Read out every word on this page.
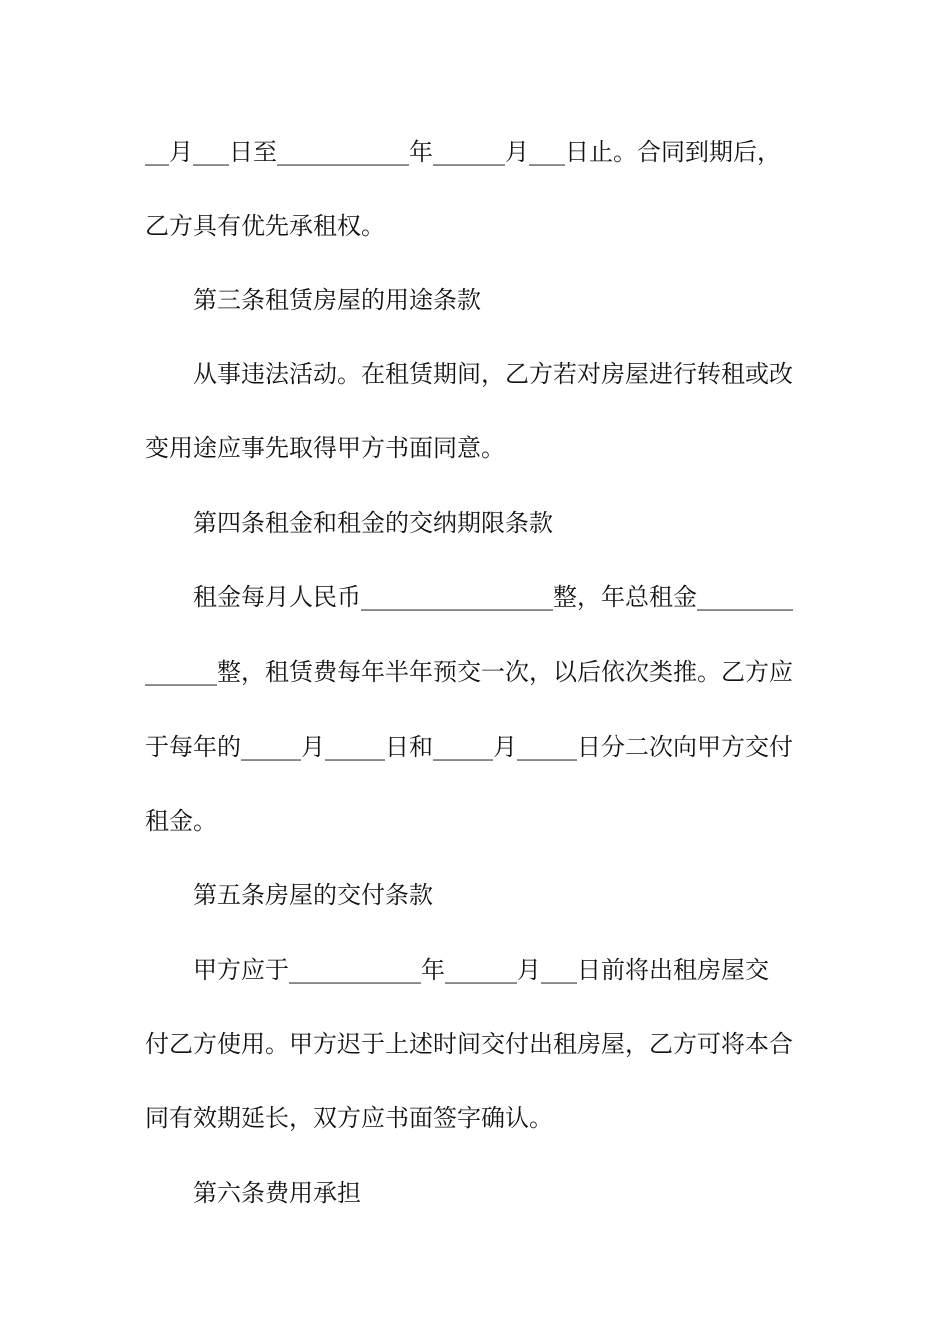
__月___日至___________年______月___日止。合同到期后，
乙方具有优先承租权。
第三条租赁房屋的用途条款
从事违法活动。在租赁期间，乙方若对房屋进行转租或改
变用途应事先取得甲方书面同意。
第四条租金和租金的交纳期限条款
租金每月人民币________________整，年总租金________
______整，租赁费每年半年预交一次，以后依次类推。乙方应
于每年的_____月_____日和_____月_____日分二次向甲方交付
租金。
第五条房屋的交付条款
甲方应于___________年______月___日前将出租房屋交
付乙方使用。甲方迟于上述时间交付出租房屋，乙方可将本合
同有效期延长，双方应书面签字确认。
第六条费用承担
